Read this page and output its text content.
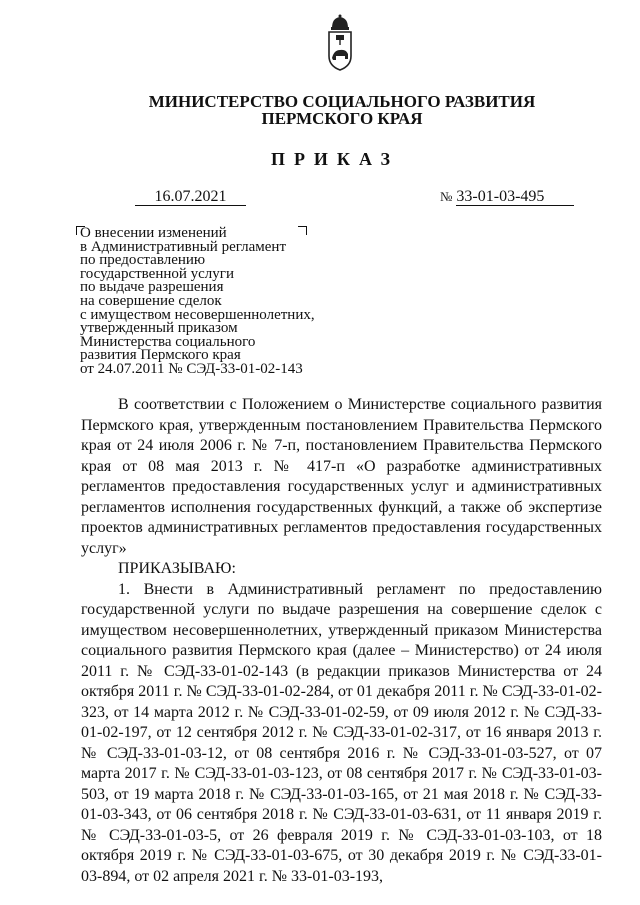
МИНИСТЕРСТВО СОЦИАЛЬНОГО РАЗВИТИЯ
ПЕРМСКОГО КРАЯ
ПРИКАЗ
16.07.2021	№ 33-01-03-495
О внесении изменений
в Административный регламент
по предоставлению
государственной услуги
по выдаче разрешения
на совершение сделок
с имуществом несовершеннолетних,
утвержденный приказом
Министерства социального
развития Пермского края
от 24.07.2011 № СЭД-33-01-02-143

В соответствии с Положением о Министерстве социального развития Пермского края, утвержденным постановлением Правительства Пермского края от 24 июля 2006 г. № 7-п, постановлением Правительства Пермского края от 08 мая 2013 г. № 417-п «О разработке административных регламентов предоставления государственных услуг и административных регламентов исполнения государственных функций, а также об экспертизе проектов административных регламентов предоставления государственных услуг»

ПРИКАЗЫВАЮ:

1. Внести в Административный регламент по предоставлению государственной услуги по выдаче разрешения на совершение сделок с имуществом несовершеннолетних, утвержденный приказом Министерства социального развития Пермского края (далее – Министерство) от 24 июля 2011 г. № СЭД-33-01-02-143 (в редакции приказов Министерства от 24 октября 2011 г. № СЭД-33-01-02-284, от 01 декабря 2011 г. № СЭД-33-01-02-323, от 14 марта 2012 г. № СЭД-33-01-02-59, от 09 июля 2012 г. № СЭД-33-01-02-197, от 12 сентября 2012 г. № СЭД-33-01-02-317, от 16 января 2013 г. № СЭД-33-01-03-12, от 08 сентября 2016 г. № СЭД-33-01-03-527, от 07 марта 2017 г. № СЭД-33-01-03-123, от 08 сентября 2017 г. № СЭД-33-01-03-503, от 19 марта 2018 г. № СЭД-33-01-03-165, от 21 мая 2018 г. № СЭД-33-01-03-343, от 06 сентября 2018 г. № СЭД-33-01-03-631, от 11 января 2019 г. № СЭД-33-01-03-5, от 26 февраля 2019 г. № СЭД-33-01-03-103, от 18 октября 2019 г. № СЭД-33-01-03-675, от 30 декабря 2019 г. № СЭД-33-01-03-894, от 02 апреля 2021 г. № 33-01-03-193,
